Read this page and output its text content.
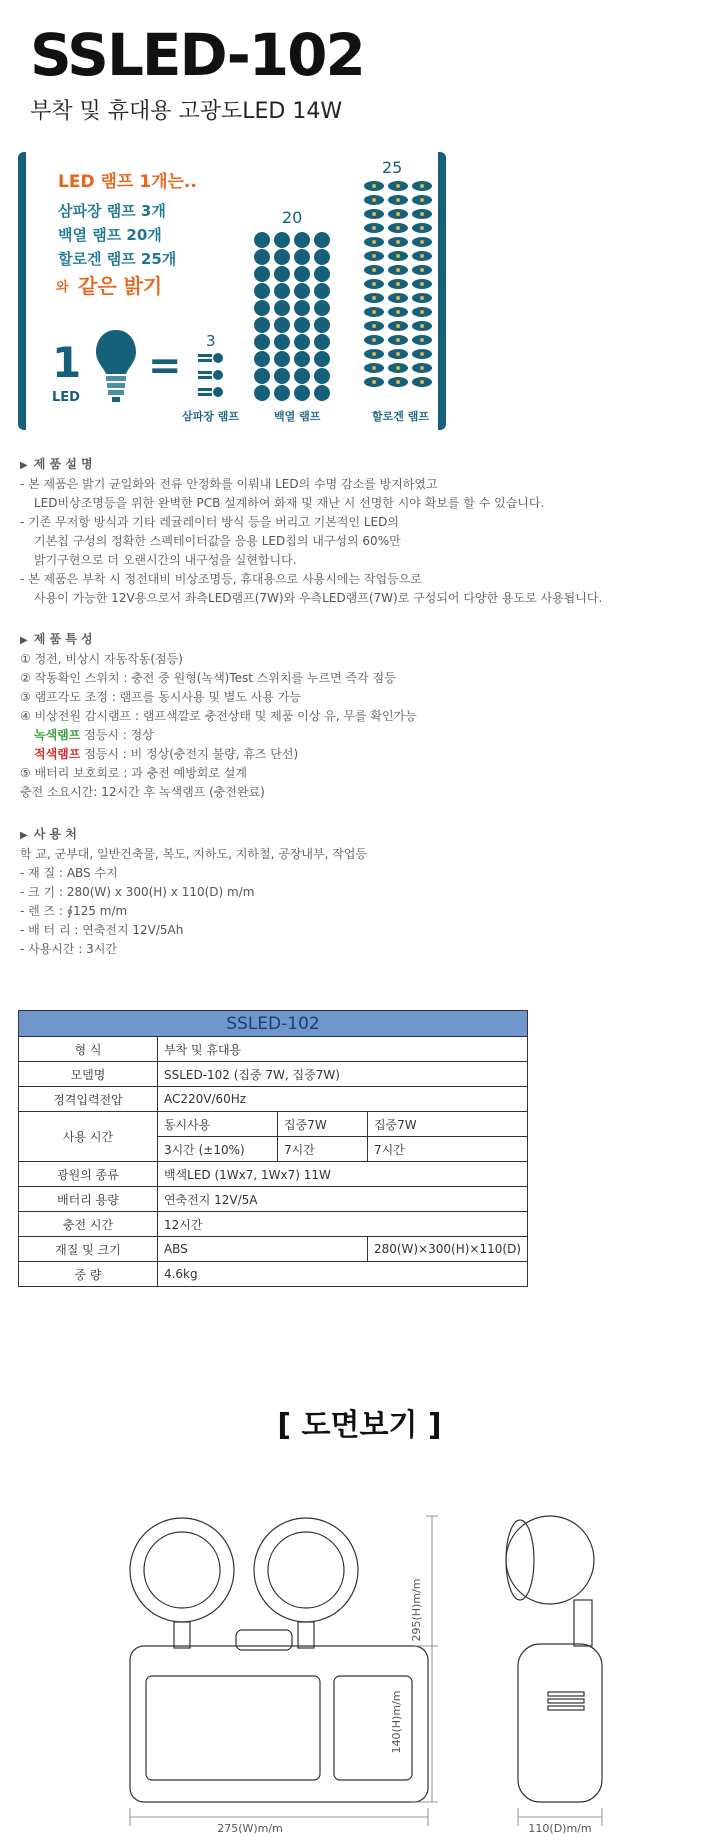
SSLED-102
부착 및 휴대용 고광도LED 14W
LED 램프 1개는..
삼파장 램프 3개
백열 램프 20개
할로겐 램프 25개
와 같은 밝기
1
LED
=
3
20
25
삼파장 램프	백열 램프	할로겐 램프
▶ 제 품 설 명
- 본 제품은 밝기 균일화와 전류 안정화를 이뤄내 LED의 수명 감소를 방지하였고
LED비상조명등을 위한 완벽한 PCB 설계하여 화재 및 재난 시 선명한 시야 확보를 할 수 있습니다.
- 기존 무저항 방식과 기타 레귤레이터 방식 등을 버리고 기본적인 LED의
기본칩 구성의 정확한 스펙테이터값을 응용 LED칩의 내구성의 60%만
밝기구현으로 더 오랜시간의 내구성을 실현합니다.
- 본 제품은 부착 시 정전대비 비상조명등, 휴대용으로 사용시에는 작업등으로
사용이 가능한 12V용으로서 좌측LED램프(7W)와 우측LED램프(7W)로 구성되어 다양한 용도로 사용됩니다.
▶ 제 품 특 성
① 정전, 비상시 자동작동(점등)
② 작동확인 스위치 : 충전 중 원형(녹색)Test 스위치를 누르면 즉각 점등
③ 램프각도 조정 : 램프를 동시사용 및 별도 사용 가능
④ 비상전원 감시램프 : 램프색깔로 충전상태 및 제품 이상 유, 무를 확인가능
녹색램프 점등시 : 정상
적색램프 점등시 : 비 정상(충전지 불량, 휴즈 단선)
⑤ 배터리 보호회로 : 과 충전 예방회로 설계
충전 소요시간: 12시간 후 녹색램프 (충전완료)
▶ 사 용 처
학 교, 군부대, 일반건축물, 복도, 지하도, 지하철, 공장내부, 작업등
- 재 질 : ABS 수지
- 크 기 : 280(W) x 300(H) x 110(D) m/m
- 렌 즈 : ∮125 m/m
- 배 터 리 : 연축전지 12V/5Ah
- 사용시간 : 3시간
SSLED-102			
형 식	부착 및 휴대용		
모델명	SSLED-102 (집중 7W, 집중7W)		
정격입력전압	AC220V/60Hz		
사용 시간	동시사용	집중7W	집중7W
	3시간 (±10%)	7시간	7시간
광원의 종류	백색LED (1Wx7, 1Wx7) 11W		
배터리 용량	연축전지 12V/5A		
충전 시간	12시간		
재질 및 크기	ABS		280(W)×300(H)×110(D)
중 량	4.6kg		
[ 도면보기 ]
275(W)m/m	110(D)m/m
295(H)m/m
140(H)m/m
